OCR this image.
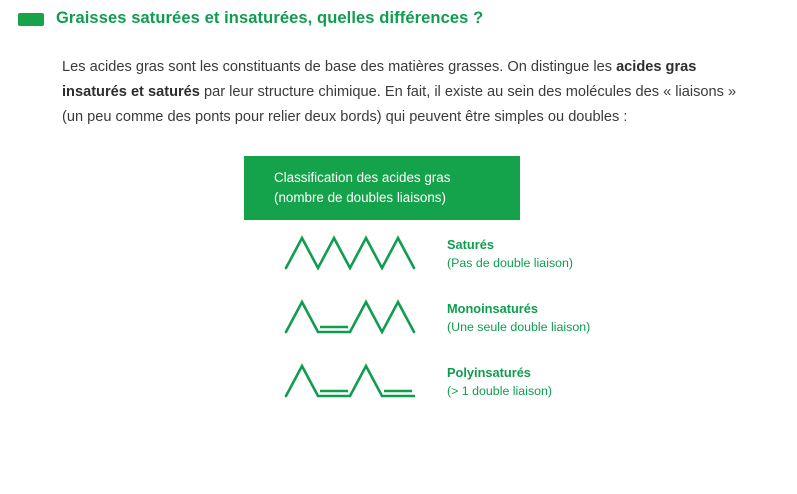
Graisses saturées et insaturées, quelles différences ?
Les acides gras sont les constituants de base des matières grasses. On distingue les acides gras insaturés et saturés par leur structure chimique. En fait, il existe au sein des molécules des « liaisons » (un peu comme des ponts pour relier deux bords) qui peuvent être simples ou doubles :
Classification des acides gras
(nombre de doubles liaisons)
Saturés
(Pas de double liaison)
Monoinsaturés
(Une seule double liaison)
Polyinsaturés
(> 1 double liaison)
